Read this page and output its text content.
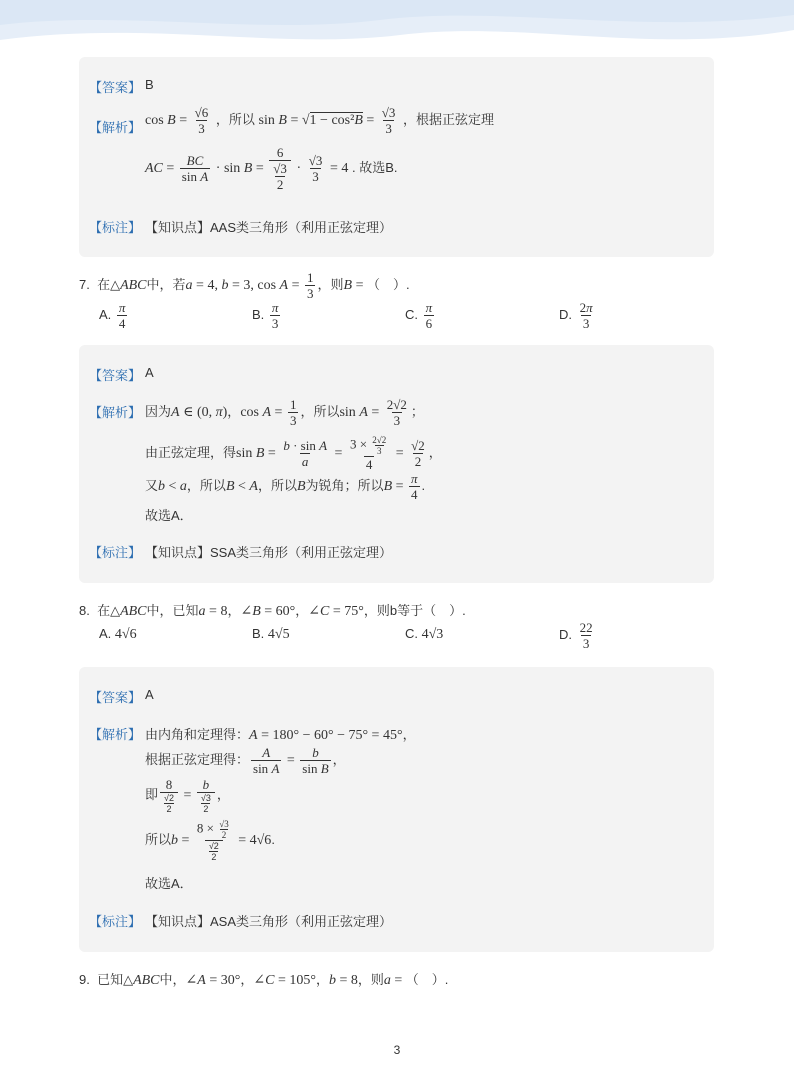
【答案】 B
【解析】 $\cos B = \frac{√6}{3}$ ，所以 $\sin B = √1 - \cos^2B = \frac{√3}{3}$ ，根据正弦定理
AC = $\frac{BC}{\text{sin A}} \cdot \sin B = \frac{6}{\frac{√3}{2}} \cdot \frac{√3}{3} = 4$ . 故选B.
【标注】 【知识点】AAS类三角形（利用正弦定理）
7. 在△ABC中，若a = 4, b = 3, $\cos A = \frac{1}{3}$ ，则B = （　）.
A. $\frac{\pi}{4}$	B. $\frac{\pi}{3}$	C. $\frac{\pi}{6}$	D. $\frac{2\pi}{3}$
【答案】 A
【解析】 因为A ∈ (0, π)，$\cos A = \frac{1}{3}$ ，所以$\sin A = \frac{2√2}{3}$ ；
由正弦定理，得$\sin B = \frac{\text{b · sin A}}{a} = \frac{3 \times \frac{2√2}{3}}{4} = \frac{√2}{2}$ ，
又b < a，所以B < A，所以B为锐角；所以$B = \frac{\pi}{4}$ .
故选A．
【标注】 【知识点】SSA类三角形（利用正弦定理）
8. 在△ABC中，已知a = 8，∠B = 60°，∠C = 75°，则b等于（　）.
A. 4√6	B. 4√5	C. 4√3	D. $\frac{22}{3}$
【答案】 A
【解析】 由内角和定理得：A = 180° − 60° − 75° = 45°，
根据正弦定理得： $\frac{A}{\text{sin A}} = \frac{b}{\text{sin B}}$ ，
即 $\frac{8}{\frac{√2}{2}} = \frac{b}{\frac{√3}{2}}$ ，
所以$b = \frac{8 \times \frac{√3}{2}}{\frac{√2}{2}} = 4√6$.
故选A．
【标注】 【知识点】ASA类三角形（利用正弦定理）
9. 已知△ABC中，∠A = 30°，∠C = 105°，b = 8，则a = （　）.
3
